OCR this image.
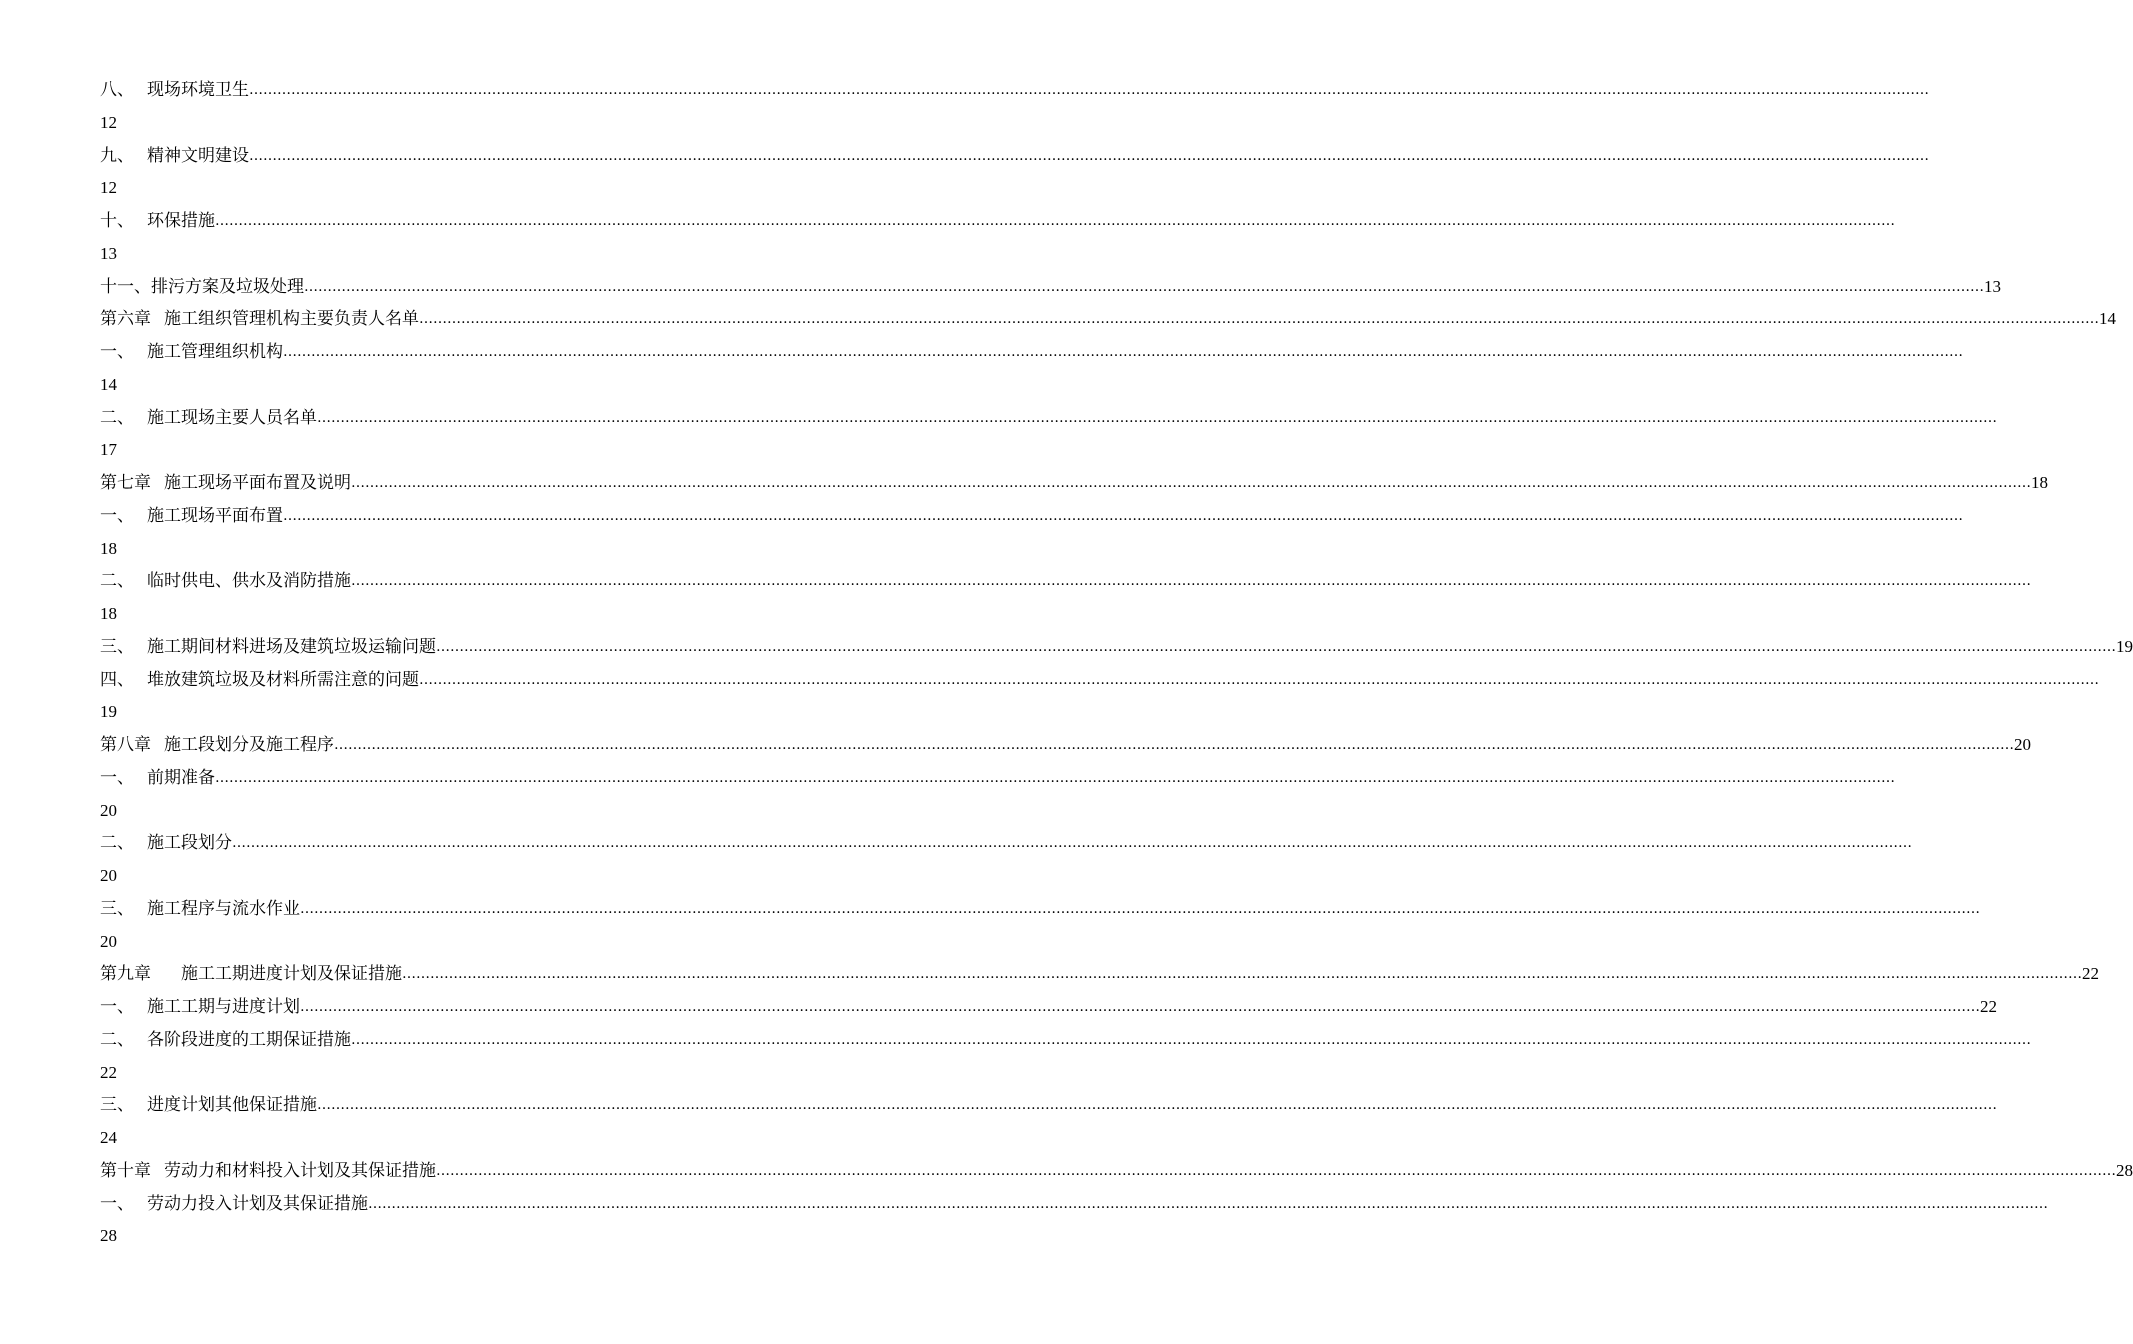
八、 现场环境卫生 ………………………………………………………………………………………………………………………………………………………………………………………………………………………………………………………………………………………………………………………………
12
九、 精神文明建设 ………………………………………………………………………………………………………………………………………………………………………………………………………………………………………………………………………………………………………………………………
12
十、 环保措施 ………………………………………………………………………………………………………………………………………………………………………………………………………………………………………………………………………………………………………………………………
13
十一、排污方案及垃圾处理 ……………………………………………………………………………………………………………………………………………………………………………………………………………………………………………………………………………………………………………………………… 13
第六章 施工组织管理机构主要负责人名单 ……………………………………………………………………………………………………………………………………………………………………………………………………………………………………………………………………………………………………………………………… 14
一、 施工管理组织机构 ………………………………………………………………………………………………………………………………………………………………………………………………………………………………………………………………………………………………………………………………
14
二、 施工现场主要人员名单 ………………………………………………………………………………………………………………………………………………………………………………………………………………………………………………………………………………………………………………………………
17
第七章 施工现场平面布置及说明 ……………………………………………………………………………………………………………………………………………………………………………………………………………………………………………………………………………………………………………………………… 18
一、 施工现场平面布置 ………………………………………………………………………………………………………………………………………………………………………………………………………………………………………………………………………………………………………………………………
18
二、 临时供电、供水及消防措施 ………………………………………………………………………………………………………………………………………………………………………………………………………………………………………………………………………………………………………………………………
18
三、 施工期间材料进场及建筑垃圾运输问题 ……………………………………………………………………………………………………………………………………………………………………………………………………………………………………………………………………………………………………………………………… 19
四、 堆放建筑垃圾及材料所需注意的问题 ………………………………………………………………………………………………………………………………………………………………………………………………………………………………………………………………………………………………………………………………
19
第八章 施工段划分及施工程序 ……………………………………………………………………………………………………………………………………………………………………………………………………………………………………………………………………………………………………………………………… 20
一、 前期准备 ………………………………………………………………………………………………………………………………………………………………………………………………………………………………………………………………………………………………………………………………
20
二、 施工段划分 ………………………………………………………………………………………………………………………………………………………………………………………………………………………………………………………………………………………………………………………………
20
三、 施工程序与流水作业 ………………………………………………………………………………………………………………………………………………………………………………………………………………………………………………………………………………………………………………………………
20
第九章 施工工期进度计划及保证措施 ……………………………………………………………………………………………………………………………………………………………………………………………………………………………………………………………………………………………………………………………… 22
一、 施工工期与进度计划 ……………………………………………………………………………………………………………………………………………………………………………………………………………………………………………………………………………………………………………………………… 22
二、 各阶段进度的工期保证措施 ………………………………………………………………………………………………………………………………………………………………………………………………………………………………………………………………………………………………………………………………
22
三、 进度计划其他保证措施 ………………………………………………………………………………………………………………………………………………………………………………………………………………………………………………………………………………………………………………………………
24
第十章 劳动力和材料投入计划及其保证措施 ……………………………………………………………………………………………………………………………………………………………………………………………………………………………………………………………………………………………………………………………… 28
一、 劳动力投入计划及其保证措施 ………………………………………………………………………………………………………………………………………………………………………………………………………………………………………………………………………………………………………………………………
28
